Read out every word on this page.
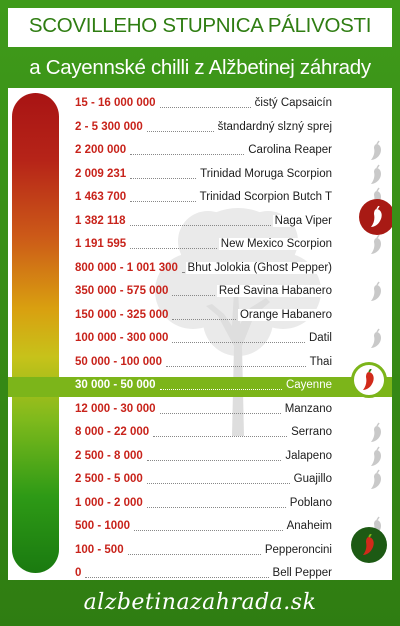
SCOVILLEHO STUPNICA PÁLIVOSTI
a Cayennské chilli z Alžbetinej záhrady
15 - 16 000 000	čistý Capsaicín
2 - 5 300 000	štandardný slzný sprej
2 200 000	Carolina Reaper
2 009 231	Trinidad Moruga Scorpion
1 463 700	Trinidad Scorpion Butch T
1 382 118	Naga Viper
1 191 595	New Mexico Scorpion
800 000 - 1 001 300 Bhut Jolokia (Ghost Pepper)
350 000 - 575 000	Red Savina Habanero
150 000 - 325 000	Orange Habanero
100 000 - 300 000	Datil
50 000 - 100 000	Thai
30 000 - 50 000	Cayenne
12 000 - 30 000	Manzano
8 000 - 22 000	Serrano
2 500 - 8 000	Jalapeno
2 500 - 5 000	Guajillo
1 000 - 2 000	Poblano
500 - 1000	Anaheim
100 - 500	Pepperoncini
0	Bell Pepper
alzbetinazahrada.sk
